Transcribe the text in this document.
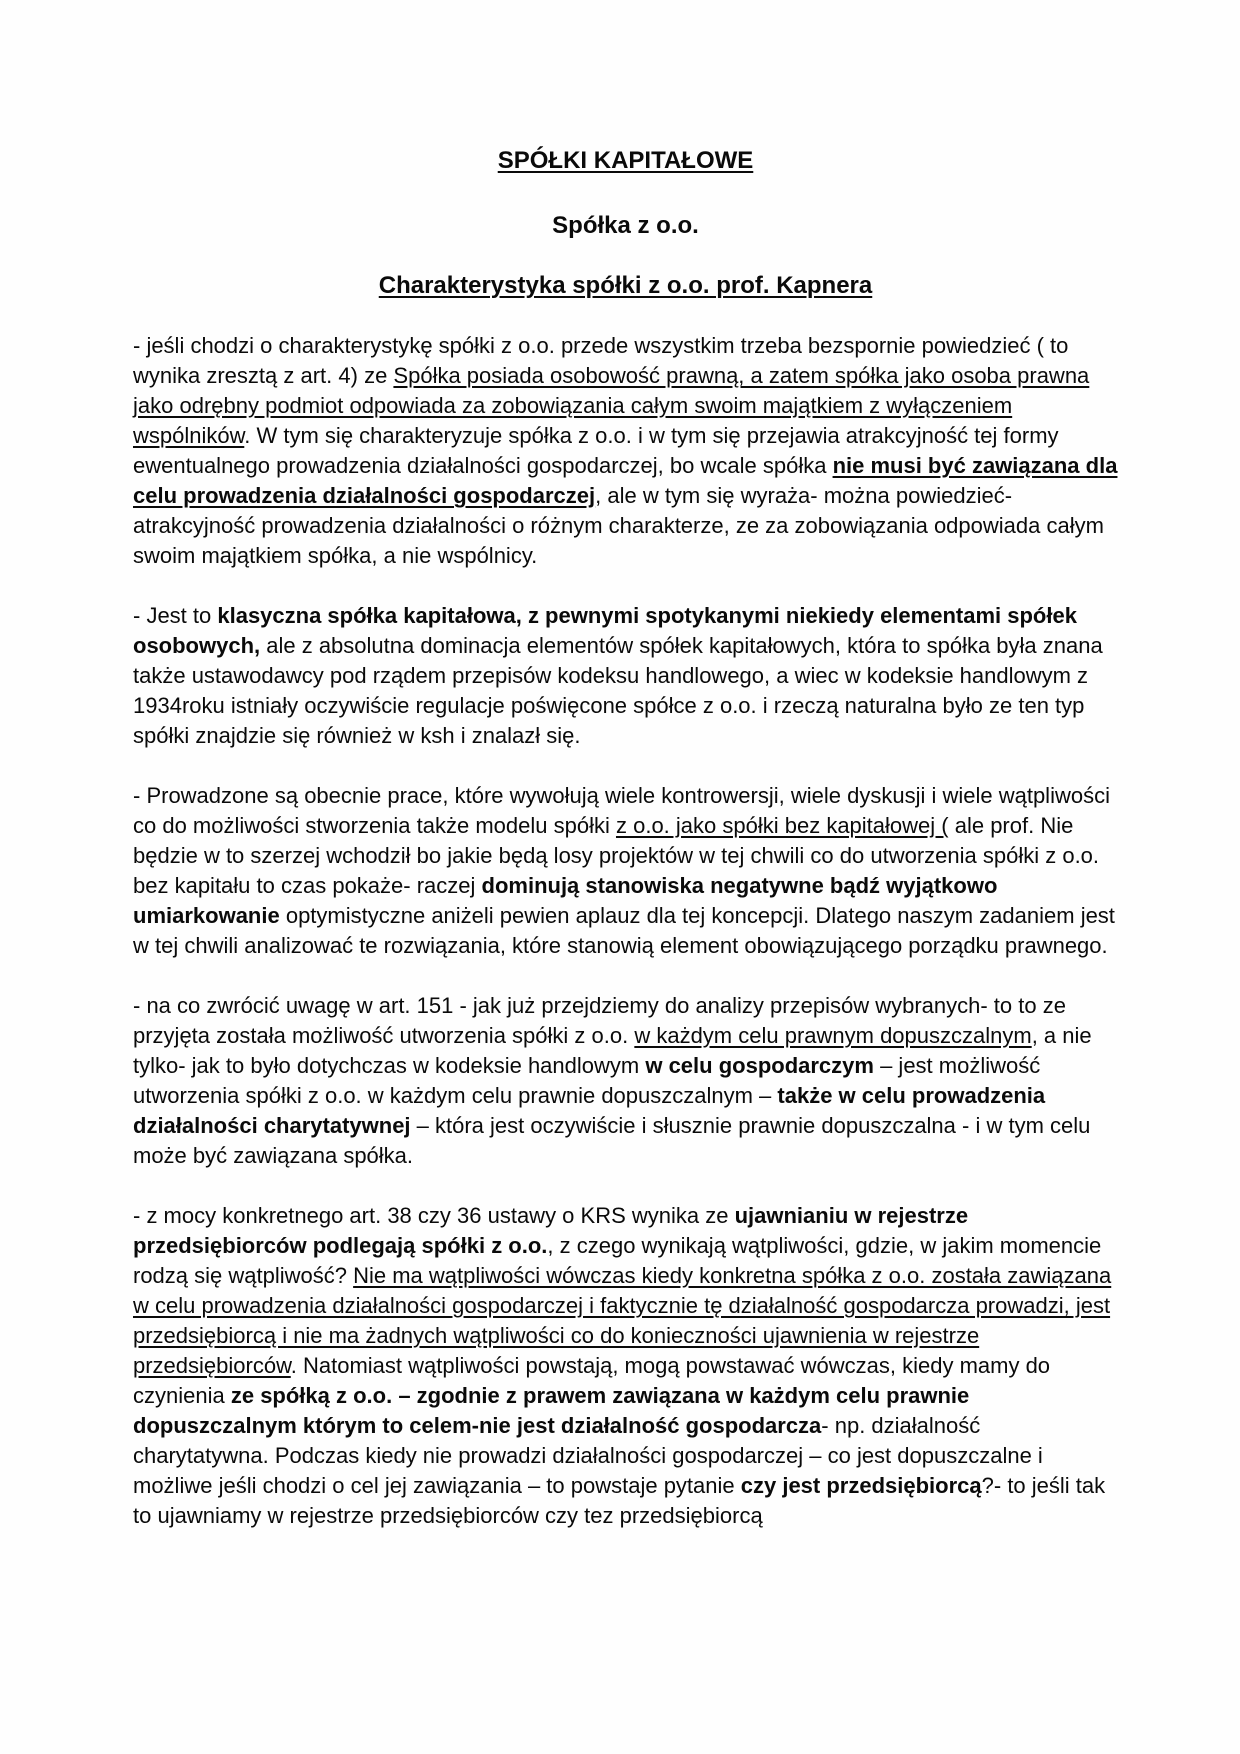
SPÓŁKI KAPITAŁOWE
Spółka z o.o.
Charakterystyka spółki z o.o. prof. Kapnera

- jeśli chodzi o charakterystykę spółki z o.o. przede wszystkim trzeba bezspornie powiedzieć ( to wynika zresztą z art. 4) ze Spółka posiada osobowość prawną, a zatem spółka jako osoba prawna jako odrębny podmiot odpowiada za zobowiązania całym swoim majątkiem z wyłączeniem wspólników. W tym się charakteryzuje spółka z o.o. i w tym się przejawia atrakcyjność tej formy ewentualnego prowadzenia działalności gospodarczej, bo wcale spółka nie musi być zawiązana dla celu prowadzenia działalności gospodarczej, ale w tym się wyraża- można powiedzieć- atrakcyjność prowadzenia działalności o różnym charakterze, ze za zobowiązania odpowiada całym swoim majątkiem spółka, a nie wspólnicy.

- Jest to klasyczna spółka kapitałowa, z pewnymi spotykanymi niekiedy elementami spółek osobowych, ale z absolutna dominacja elementów spółek kapitałowych, która to spółka była znana także ustawodawcy pod rządem przepisów kodeksu handlowego, a wiec w kodeksie handlowym z 1934roku istniały oczywiście regulacje poświęcone spółce z o.o. i rzeczą naturalna było ze ten typ spółki znajdzie się również w ksh i znalazł się.

- Prowadzone są obecnie prace, które wywołują wiele kontrowersji, wiele dyskusji i wiele wątpliwości co do możliwości stworzenia także modelu spółki z o.o. jako spółki bez kapitałowej ( ale prof. Nie będzie w to szerzej wchodził bo jakie będą losy projektów w tej chwili co do utworzenia spółki z o.o. bez kapitału to czas pokaże- raczej dominują stanowiska negatywne bądź wyjątkowo umiarkowanie optymistyczne aniżeli pewien aplauz dla tej koncepcji. Dlatego naszym zadaniem jest w tej chwili analizować te rozwiązania, które stanowią element obowiązującego porządku prawnego.

- na co zwrócić uwagę w art. 151 - jak już przejdziemy do analizy przepisów wybranych- to to ze przyjęta została możliwość utworzenia spółki z o.o. w każdym celu prawnym dopuszczalnym, a nie tylko- jak to było dotychczas w kodeksie handlowym w celu gospodarczym – jest możliwość utworzenia spółki z o.o. w każdym celu prawnie dopuszczalnym – także w celu prowadzenia działalności charytatywnej – która jest oczywiście i słusznie prawnie dopuszczalna - i w tym celu może być zawiązana spółka.

- z mocy konkretnego art. 38 czy 36 ustawy o KRS wynika ze ujawnianiu w rejestrze przedsiębiorców podlegają spółki z o.o., z czego wynikają wątpliwości, gdzie, w jakim momencie rodzą się wątpliwość? Nie ma wątpliwości wówczas kiedy konkretna spółka z o.o. została zawiązana w celu prowadzenia działalności gospodarczej i faktycznie tę działalność gospodarcza prowadzi, jest przedsiębiorcą i nie ma żadnych wątpliwości co do konieczności ujawnienia w rejestrze przedsiębiorców. Natomiast wątpliwości powstają, mogą powstawać wówczas, kiedy mamy do czynienia ze spółką z o.o. – zgodnie z prawem zawiązana w każdym celu prawnie dopuszczalnym którym to celem-nie jest działalność gospodarcza- np. działalność charytatywna. Podczas kiedy nie prowadzi działalności gospodarczej – co jest dopuszczalne i możliwe jeśli chodzi o cel jej zawiązania – to powstaje pytanie czy jest przedsiębiorcą?- to jeśli tak to ujawniamy w rejestrze przedsiębiorców czy tez przedsiębiorcą
